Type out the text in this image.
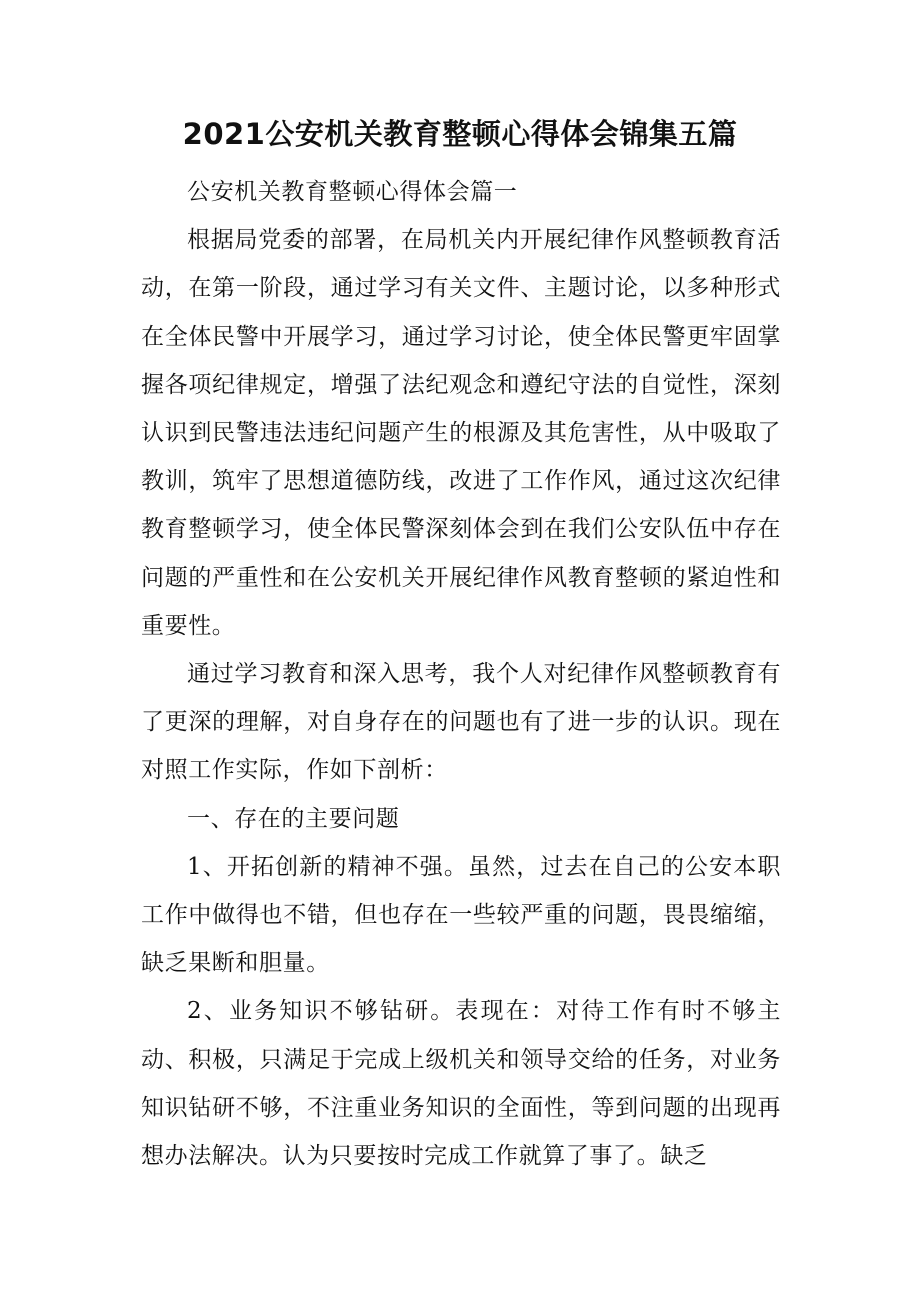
2021公安机关教育整顿心得体会锦集五篇

公安机关教育整顿心得体会篇一

根据局党委的部署，在局机关内开展纪律作风整顿教育活动，在第一阶段，通过学习有关文件、主题讨论，以多种形式在全体民警中开展学习，通过学习讨论，使全体民警更牢固掌握各项纪律规定，增强了法纪观念和遵纪守法的自觉性，深刻认识到民警违法违纪问题产生的根源及其危害性，从中吸取了教训，筑牢了思想道德防线，改进了工作作风，通过这次纪律教育整顿学习，使全体民警深刻体会到在我们公安队伍中存在问题的严重性和在公安机关开展纪律作风教育整顿的紧迫性和重要性。

通过学习教育和深入思考，我个人对纪律作风整顿教育有了更深的理解，对自身存在的问题也有了进一步的认识。现在对照工作实际，作如下剖析：

一、存在的主要问题

1、开拓创新的精神不强。虽然，过去在自己的公安本职工作中做得也不错，但也存在一些较严重的问题，畏畏缩缩，缺乏果断和胆量。

2、业务知识不够钻研。表现在：对待工作有时不够主动、积极，只满足于完成上级机关和领导交给的任务，对业务知识钻研不够，不注重业务知识的全面性，等到问题的出现再想办法解决。认为只要按时完成工作就算了事了。缺乏
